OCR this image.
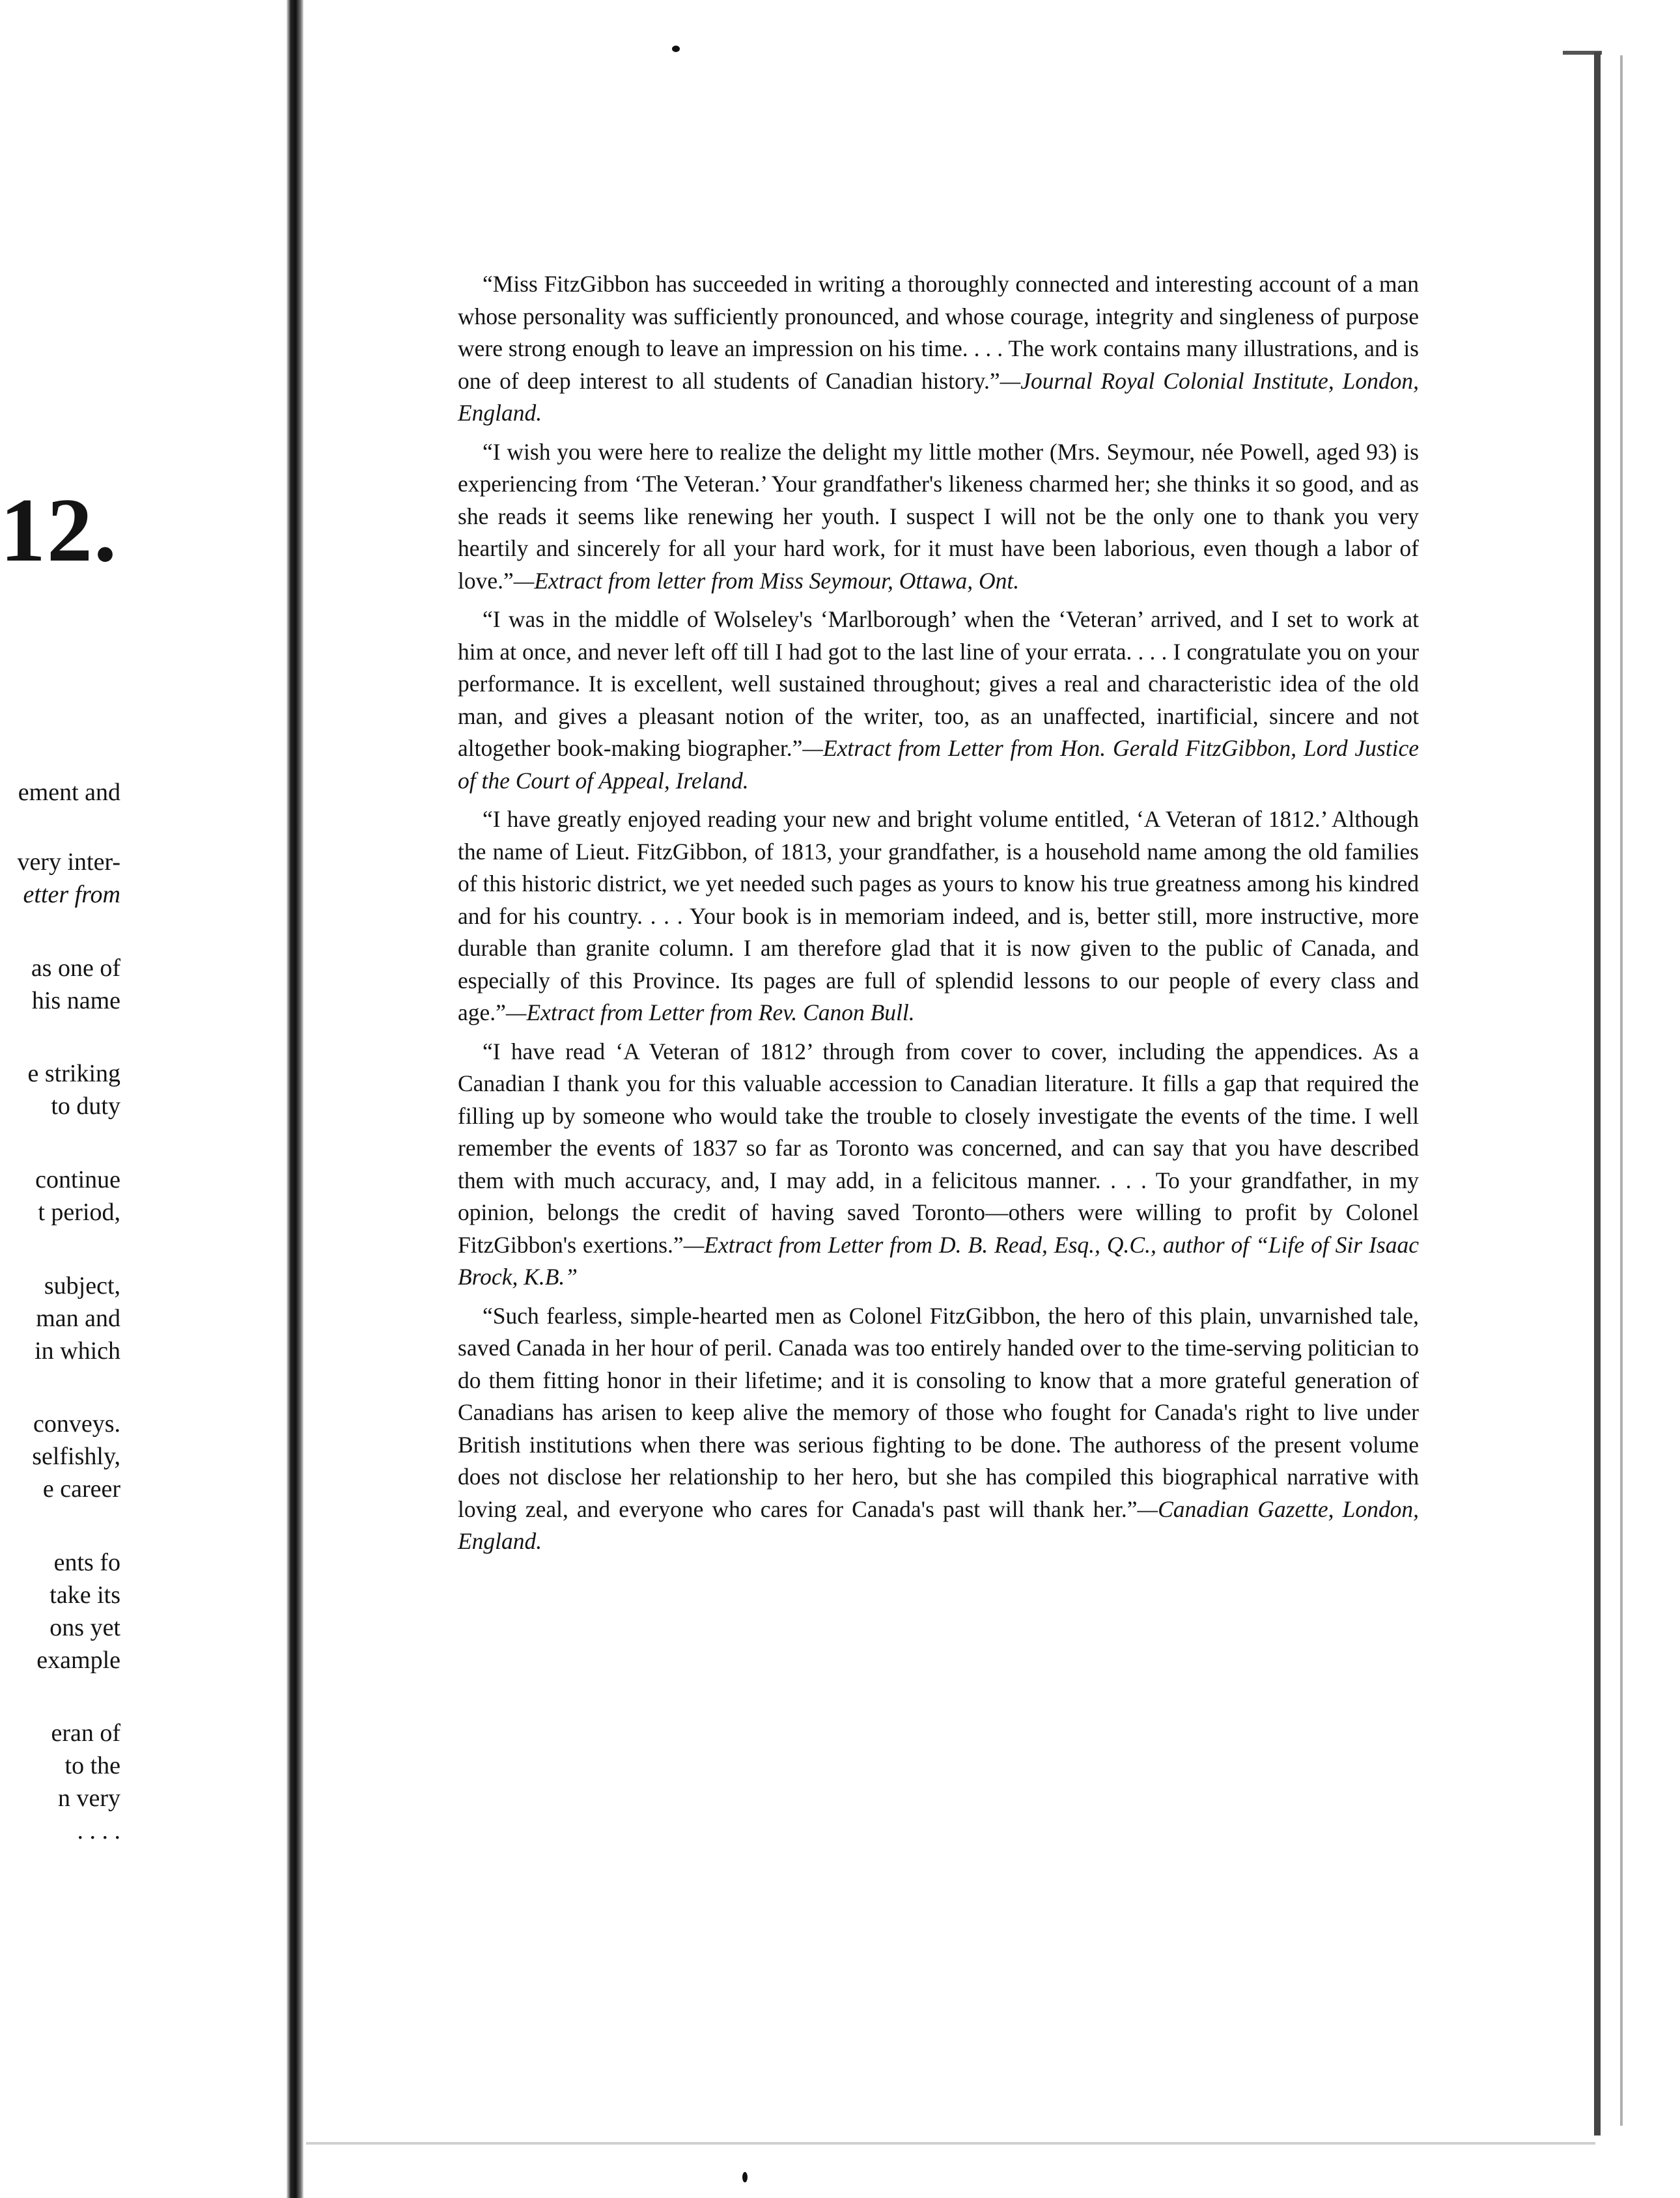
12.
ement and
very inter-
etter from
as one of
his name
e striking
to duty
continue
t period,
subject,
man and
in which
conveys.
selfishly,
e career
ents fo
take its
ons yet
example
eran of
to the
n very
. . . .

“Miss FitzGibbon has succeeded in writing a thoroughly connected and interesting account of a man whose personality was sufficiently pronounced, and whose courage, integrity and singleness of purpose were strong enough to leave an impression on his time. . . . The work contains many illustrations, and is one of deep interest to all students of Canadian history.”—Journal Royal Colonial Institute, London, England.

“I wish you were here to realize the delight my little mother (Mrs. Seymour, née Powell, aged 93) is experiencing from ‘The Veteran.’ Your grandfather's likeness charmed her; she thinks it so good, and as she reads it seems like renewing her youth. I suspect I will not be the only one to thank you very heartily and sincerely for all your hard work, for it must have been laborious, even though a labor of love.”—Extract from letter from Miss Seymour, Ottawa, Ont.

“I was in the middle of Wolseley's ‘Marlborough’ when the ‘Veteran’ arrived, and I set to work at him at once, and never left off till I had got to the last line of your errata. . . . I congratulate you on your performance. It is excellent, well sustained throughout; gives a real and characteristic idea of the old man, and gives a pleasant notion of the writer, too, as an unaffected, inartificial, sincere and not altogether book-making biographer.”—Extract from Letter from Hon. Gerald FitzGibbon, Lord Justice of the Court of Appeal, Ireland.

“I have greatly enjoyed reading your new and bright volume entitled, ‘A Veteran of 1812.’ Although the name of Lieut. FitzGibbon, of 1813, your grandfather, is a household name among the old families of this historic district, we yet needed such pages as yours to know his true greatness among his kindred and for his country. . . . Your book is in memoriam indeed, and is, better still, more instructive, more durable than granite column. I am therefore glad that it is now given to the public of Canada, and especially of this Province. Its pages are full of splendid lessons to our people of every class and age.”—Extract from Letter from Rev. Canon Bull.

“I have read ‘A Veteran of 1812’ through from cover to cover, including the appendices. As a Canadian I thank you for this valuable accession to Canadian literature. It fills a gap that required the filling up by someone who would take the trouble to closely investigate the events of the time. I well remember the events of 1837 so far as Toronto was concerned, and can say that you have described them with much accuracy, and, I may add, in a felicitous manner. . . . To your grandfather, in my opinion, belongs the credit of having saved Toronto—others were willing to profit by Colonel FitzGibbon's exertions.”—Extract from Letter from D. B. Read, Esq., Q.C., author of “Life of Sir Isaac Brock, K.B.”

“Such fearless, simple-hearted men as Colonel FitzGibbon, the hero of this plain, unvarnished tale, saved Canada in her hour of peril. Canada was too entirely handed over to the time-serving politician to do them fitting honor in their lifetime; and it is consoling to know that a more grateful generation of Canadians has arisen to keep alive the memory of those who fought for Canada's right to live under British institutions when there was serious fighting to be done. The authoress of the present volume does not disclose her relationship to her hero, but she has compiled this biographical narrative with loving zeal, and everyone who cares for Canada's past will thank her.”—Canadian Gazette, London, England.
